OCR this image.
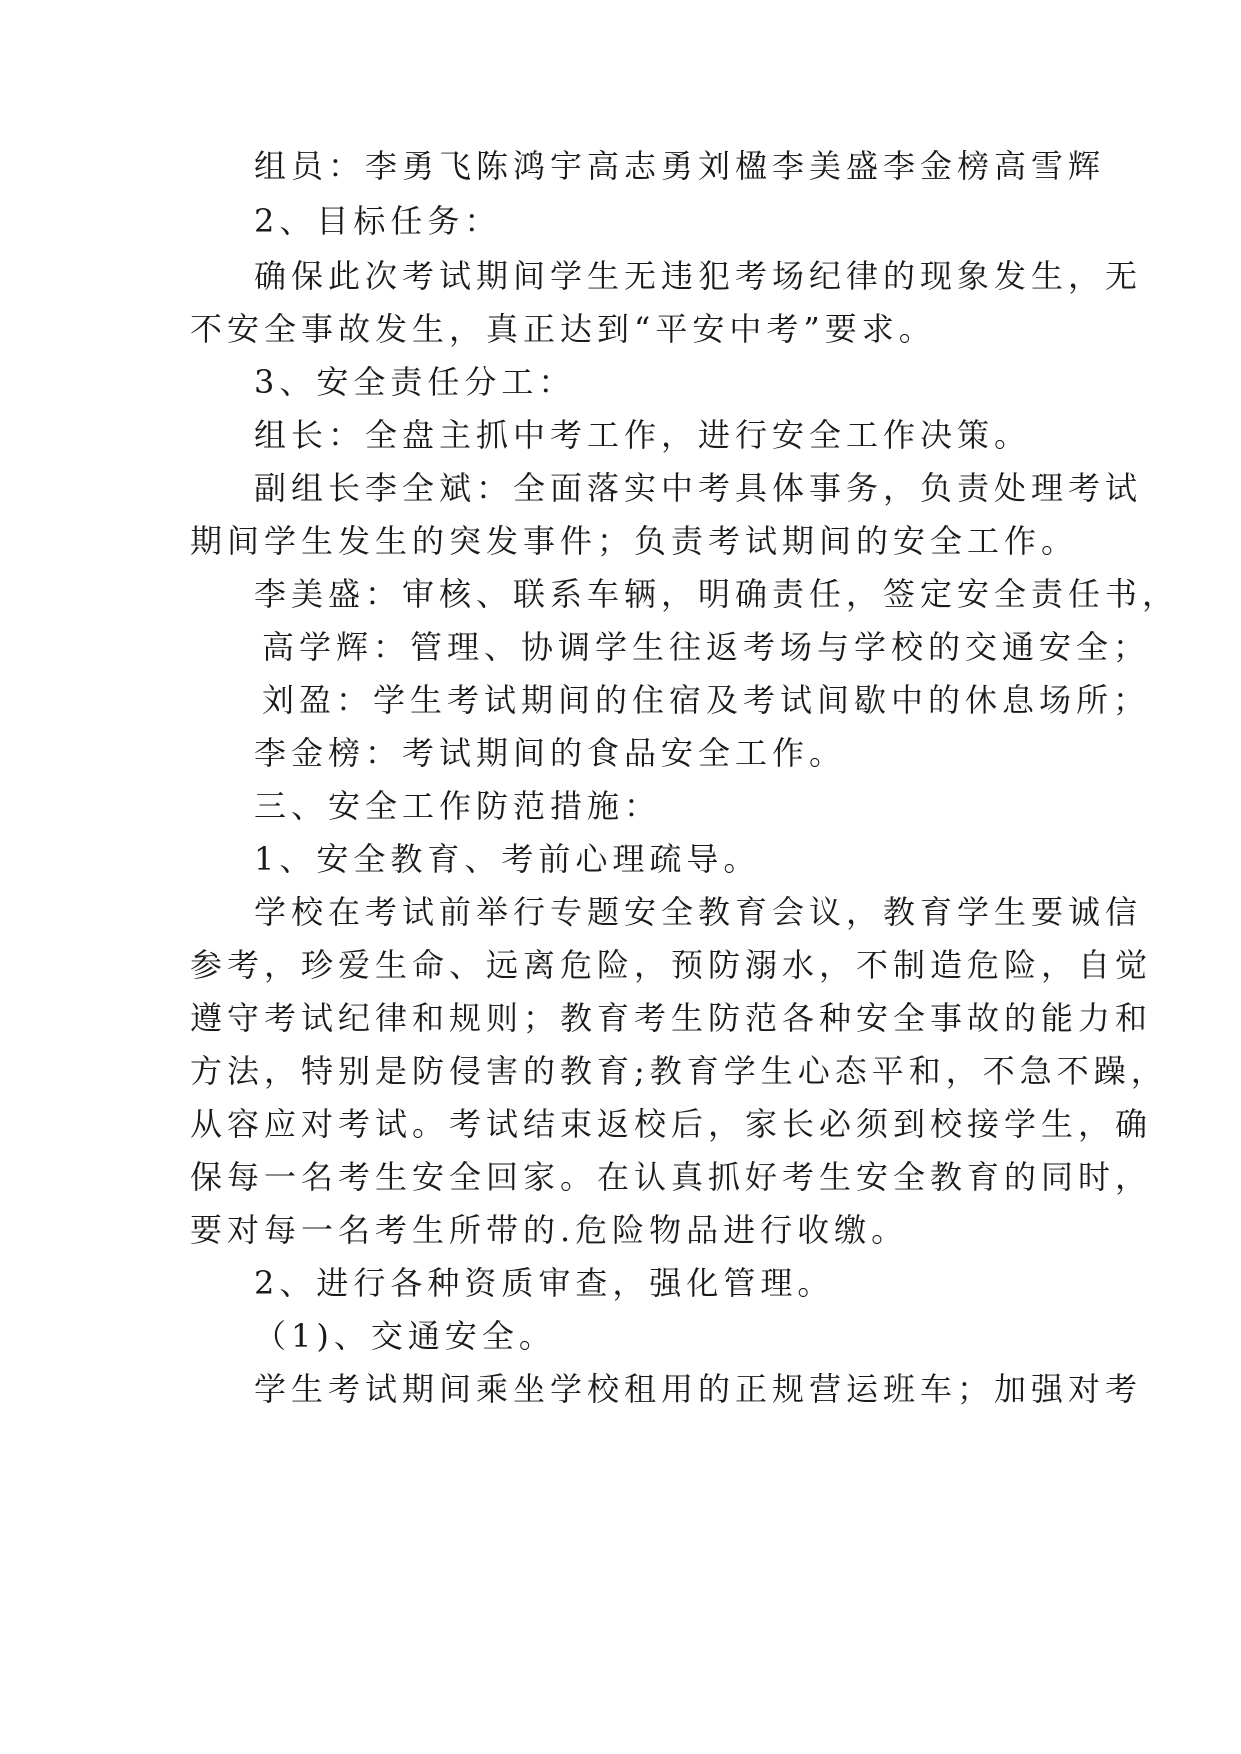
组员：李勇飞陈鸿宇高志勇刘楹李美盛李金榜高雪辉
2、目标任务：
确保此次考试期间学生无违犯考场纪律的现象发生，无
不安全事故发生，真正达到“平安中考”要求。
3、安全责任分工：
组长：全盘主抓中考工作，进行安全工作决策。
副组长李全斌：全面落实中考具体事务，负责处理考试
期间学生发生的突发事件；负责考试期间的安全工作。
李美盛：审核、联系车辆，明确责任，签定安全责任书，
高学辉：管理、协调学生往返考场与学校的交通安全；
刘盈：学生考试期间的住宿及考试间歇中的休息场所；
李金榜：考试期间的食品安全工作。
三、安全工作防范措施：
1、安全教育、考前心理疏导。
学校在考试前举行专题安全教育会议，教育学生要诚信
参考，珍爱生命、远离危险，预防溺水，不制造危险，自觉
遵守考试纪律和规则；教育考生防范各种安全事故的能力和
方法，特别是防侵害的教育;教育学生心态平和，不急不躁，
从容应对考试。考试结束返校后，家长必须到校接学生，确
保每一名考生安全回家。在认真抓好考生安全教育的同时，
要对每一名考生所带的.危险物品进行收缴。
2、进行各种资质审查，强化管理。
（1)、交通安全。
学生考试期间乘坐学校租用的正规营运班车；加强对考
